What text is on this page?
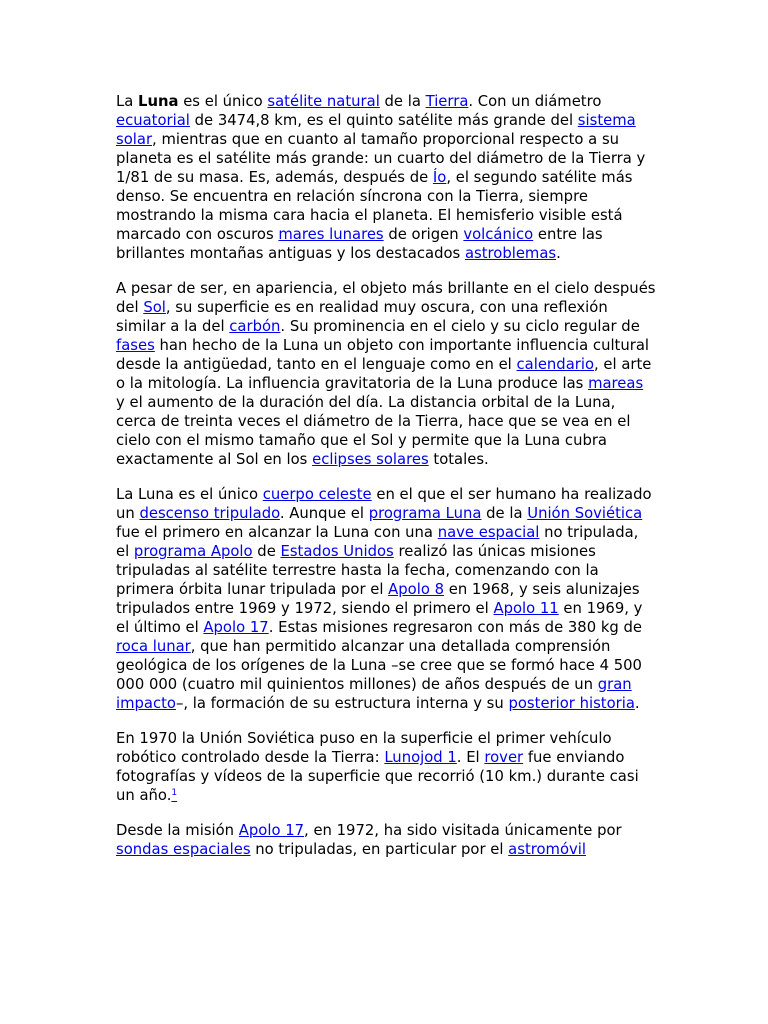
La Luna es el único satélite natural de la Tierra. Con un diámetro ecuatorial de 3474,8 km, es el quinto satélite más grande del sistema solar, mientras que en cuanto al tamaño proporcional respecto a su planeta es el satélite más grande: un cuarto del diámetro de la Tierra y 1/81 de su masa. Es, además, después de Ío, el segundo satélite más denso. Se encuentra en relación síncrona con la Tierra, siempre mostrando la misma cara hacia el planeta. El hemisferio visible está marcado con oscuros mares lunares de origen volcánico entre las brillantes montañas antiguas y los destacados astroblemas.

A pesar de ser, en apariencia, el objeto más brillante en el cielo después del Sol, su superficie es en realidad muy oscura, con una reflexión similar a la del carbón. Su prominencia en el cielo y su ciclo regular de fases han hecho de la Luna un objeto con importante influencia cultural desde la antigüedad, tanto en el lenguaje como en el calendario, el arte o la mitología. La influencia gravitatoria de la Luna produce las mareas y el aumento de la duración del día. La distancia orbital de la Luna, cerca de treinta veces el diámetro de la Tierra, hace que se vea en el cielo con el mismo tamaño que el Sol y permite que la Luna cubra exactamente al Sol en los eclipses solares totales.

La Luna es el único cuerpo celeste en el que el ser humano ha realizado un descenso tripulado. Aunque el programa Luna de la Unión Soviética fue el primero en alcanzar la Luna con una nave espacial no tripulada, el programa Apolo de Estados Unidos realizó las únicas misiones tripuladas al satélite terrestre hasta la fecha, comenzando con la primera órbita lunar tripulada por el Apolo 8 en 1968, y seis alunizajes tripulados entre 1969 y 1972, siendo el primero el Apolo 11 en 1969, y el último el Apolo 17. Estas misiones regresaron con más de 380 kg de roca lunar, que han permitido alcanzar una detallada comprensión geológica de los orígenes de la Luna –se cree que se formó hace 4 500 000 000 (cuatro mil quinientos millones) de años después de un gran impacto–, la formación de su estructura interna y su posterior historia.

En 1970 la Unión Soviética puso en la superficie el primer vehículo robótico controlado desde la Tierra: Lunojod 1. El rover fue enviando fotografías y vídeos de la superficie que recorrió (10 km.) durante casi un año.$^1$

Desde la misión Apolo 17, en 1972, ha sido visitada únicamente por sondas espaciales no tripuladas, en particular por el astromóvil
